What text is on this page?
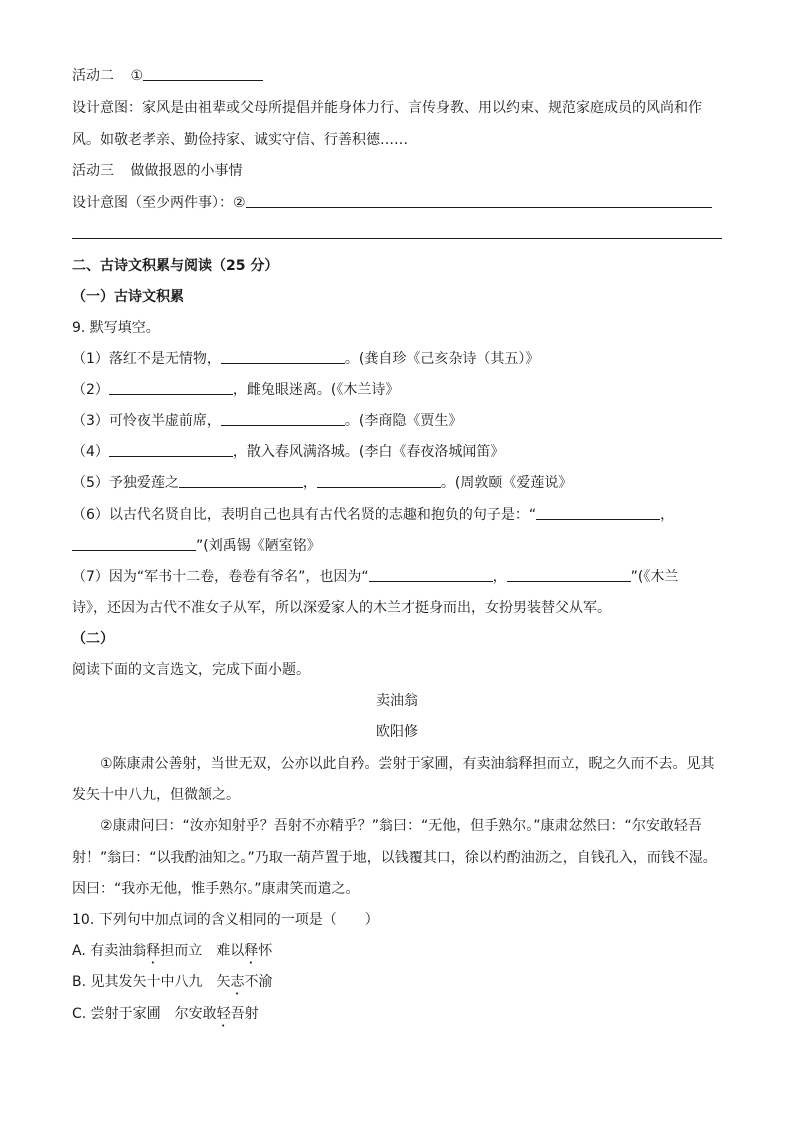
活动二 ①
设计意图：家风是由祖辈或父母所提倡并能身体力行、言传身教、用以约束、规范家庭成员的风尚和作
风。如敬老孝亲、勤俭持家、诚实守信、行善积德……
活动三 做做报恩的小事情
设计意图（至少两件事）：②
二、古诗文积累与阅读（25 分）
（一）古诗文积累
9. 默写填空。
（1）落红不是无情物，	。(龚自珍《己亥杂诗（其五）》
（2）	，雌兔眼迷离。(《木兰诗》
（3）可怜夜半虚前席，	。(李商隐《贾生》
（4）	，散入春风满洛城。(李白《春夜洛城闻笛》
（5）予独爱莲之	，	。(周敦颐《爱莲说》
（6）以古代名贤自比，表明自己也具有古代名贤的志趣和抱负的句子是：“	，
”(刘禹锡《陋室铭》
（7）因为“军书十二卷，卷卷有爷名”，也因为“	，	”(《木兰
诗》，还因为古代不准女子从军，所以深爱家人的木兰才挺身而出，女扮男装替父从军。
（二）
阅读下面的文言选文，完成下面小题。
卖油翁
欧阳修
①陈康肃公善射，当世无双，公亦以此自矜。尝射于家圃，有卖油翁释担而立，睨之久而不去。见其
发矢十中八九，但微颔之。
②康肃问曰：“汝亦知射乎？吾射不亦精乎？”翁曰：“无他，但手熟尔。”康肃忿然曰：“尔安敢轻吾
射！”翁曰：“以我酌油知之。”乃取一葫芦置于地，以钱覆其口，徐以杓酌油沥之，自钱孔入，而钱不湿。
因曰：“我亦无他，惟手熟尔。”康肃笑而遣之。
10. 下列句中加点词的含义相同的一项是（　　）
A. 有卖油翁释担而立　难以释怀
B. 见其发矢十中八九　矢志不渝
C. 尝射于家圃　尔安敢轻吾射
